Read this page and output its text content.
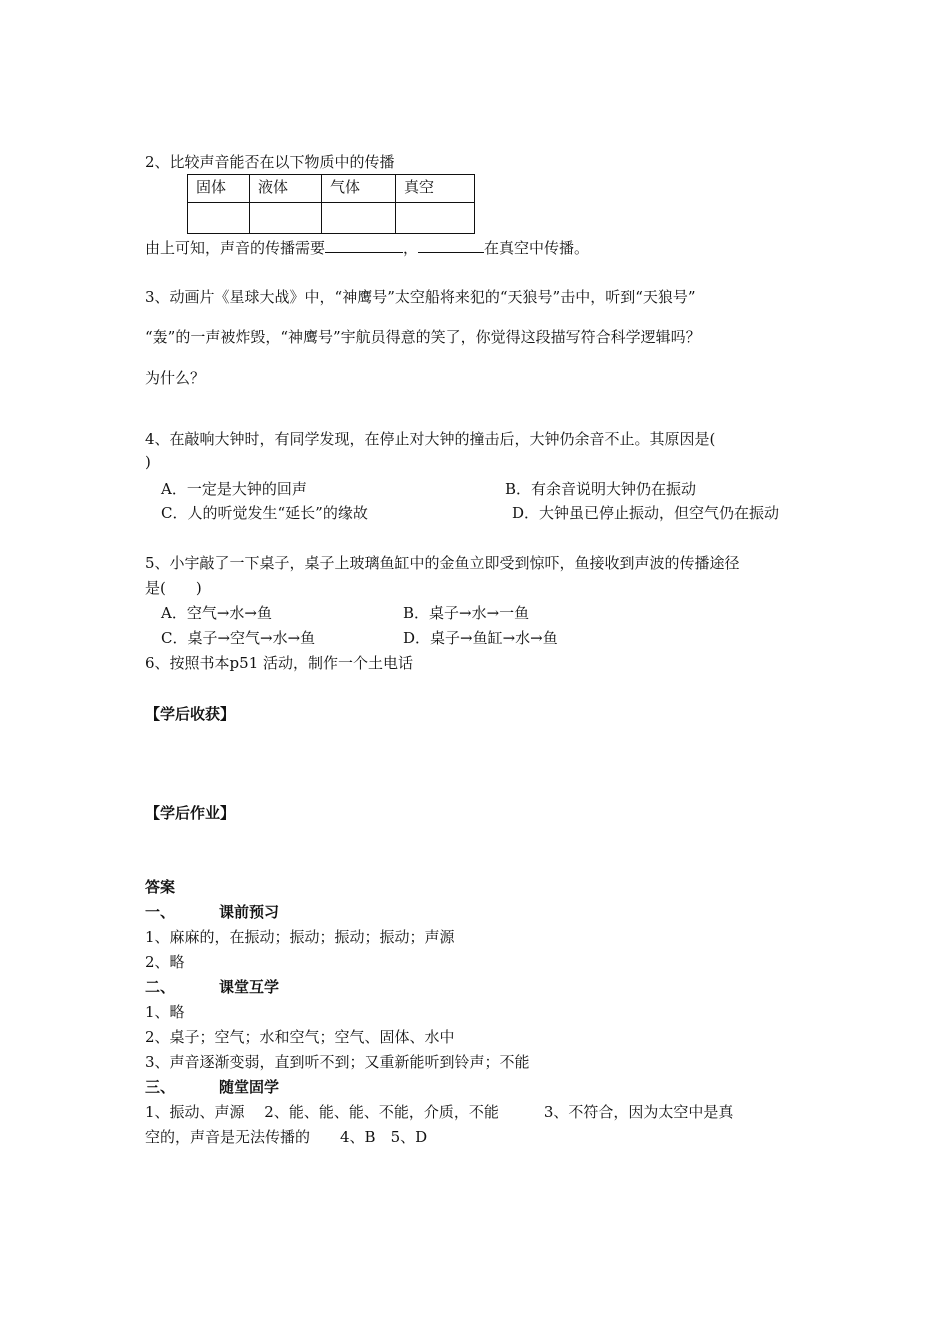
2、比较声音能否在以下物质中的传播
固体	液体	气体	真空

由上可知，声音的传播需要	，	在真空中传播。
3、动画片《星球大战》中，“神鹰号”太空船将来犯的“天狼号”击中，听到“天狼号”
“轰”的一声被炸毁，“神鹰号”宇航员得意的笑了，你觉得这段描写符合科学逻辑吗？
为什么？
4、在敲响大钟时，有同学发现，在停止对大钟的撞击后，大钟仍余音不止。其原因是(
)
A．一定是大钟的回声	B．有余音说明大钟仍在振动
C．人的听觉发生“延长”的缘故	D．大钟虽已停止振动，但空气仍在振动
5、小宇敲了一下桌子，桌子上玻璃鱼缸中的金鱼立即受到惊吓，鱼接收到声波的传播途径
是(　　)
A．空气→水→鱼	B．桌子→水→一鱼
C．桌子→空气→水→鱼	D．桌子→鱼缸→水→鱼
6、按照书本p51 活动，制作一个土电话
【学后收获】
【学后作业】
答案
一、	课前预习
1、麻麻的，在振动；振动；振动；振动；声源
2、略
二、	课堂互学
1、略
2、桌子；空气；水和空气；空气、固体、水中
3、声音逐渐变弱，直到听不到；又重新能听到铃声；不能
三、	随堂固学
1、振动、声源　 2、能、能、能、不能，介质，不能　　　3、不符合，因为太空中是真
空的，声音是无法传播的　　4、B　5、D
